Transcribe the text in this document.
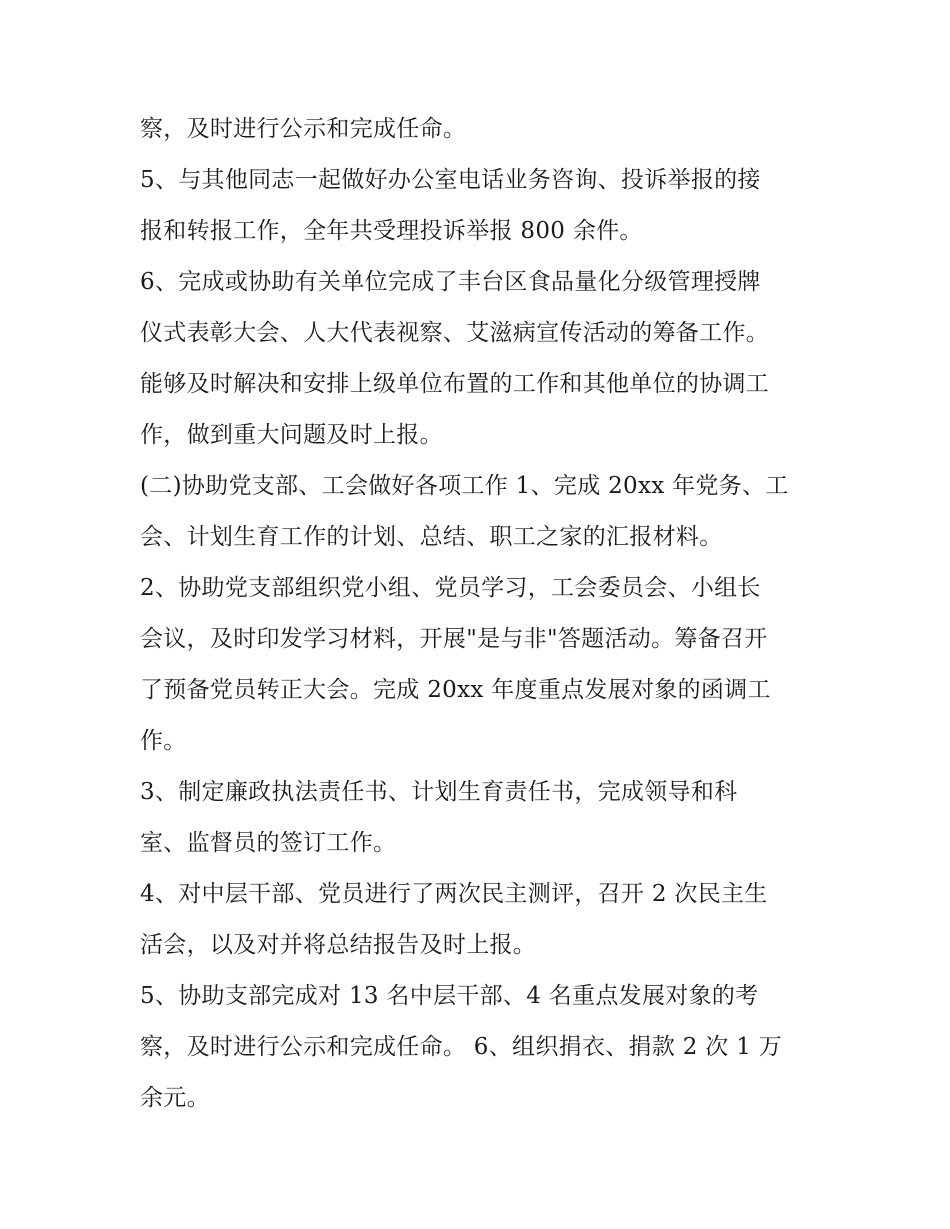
察，及时进行公示和完成任命。
5、与其他同志一起做好办公室电话业务咨询、投诉举报的接
报和转报工作，全年共受理投诉举报 800 余件。
6、完成或协助有关单位完成了丰台区食品量化分级管理授牌
仪式表彰大会、人大代表视察、艾滋病宣传活动的筹备工作。
能够及时解决和安排上级单位布置的工作和其他单位的协调工
作，做到重大问题及时上报。
(二)协助党支部、工会做好各项工作 1、完成 20xx 年党务、工
会、计划生育工作的计划、总结、职工之家的汇报材料。
2、协助党支部组织党小组、党员学习，工会委员会、小组长
会议，及时印发学习材料，开展"是与非"答题活动。筹备召开
了预备党员转正大会。完成 20xx 年度重点发展对象的函调工
作。
3、制定廉政执法责任书、计划生育责任书，完成领导和科
室、监督员的签订工作。
4、对中层干部、党员进行了两次民主测评，召开 2 次民主生
活会，以及对并将总结报告及时上报。
5、协助支部完成对 13 名中层干部、4 名重点发展对象的考
察，及时进行公示和完成任命。 6、组织捐衣、捐款 2 次 1 万
余元。
